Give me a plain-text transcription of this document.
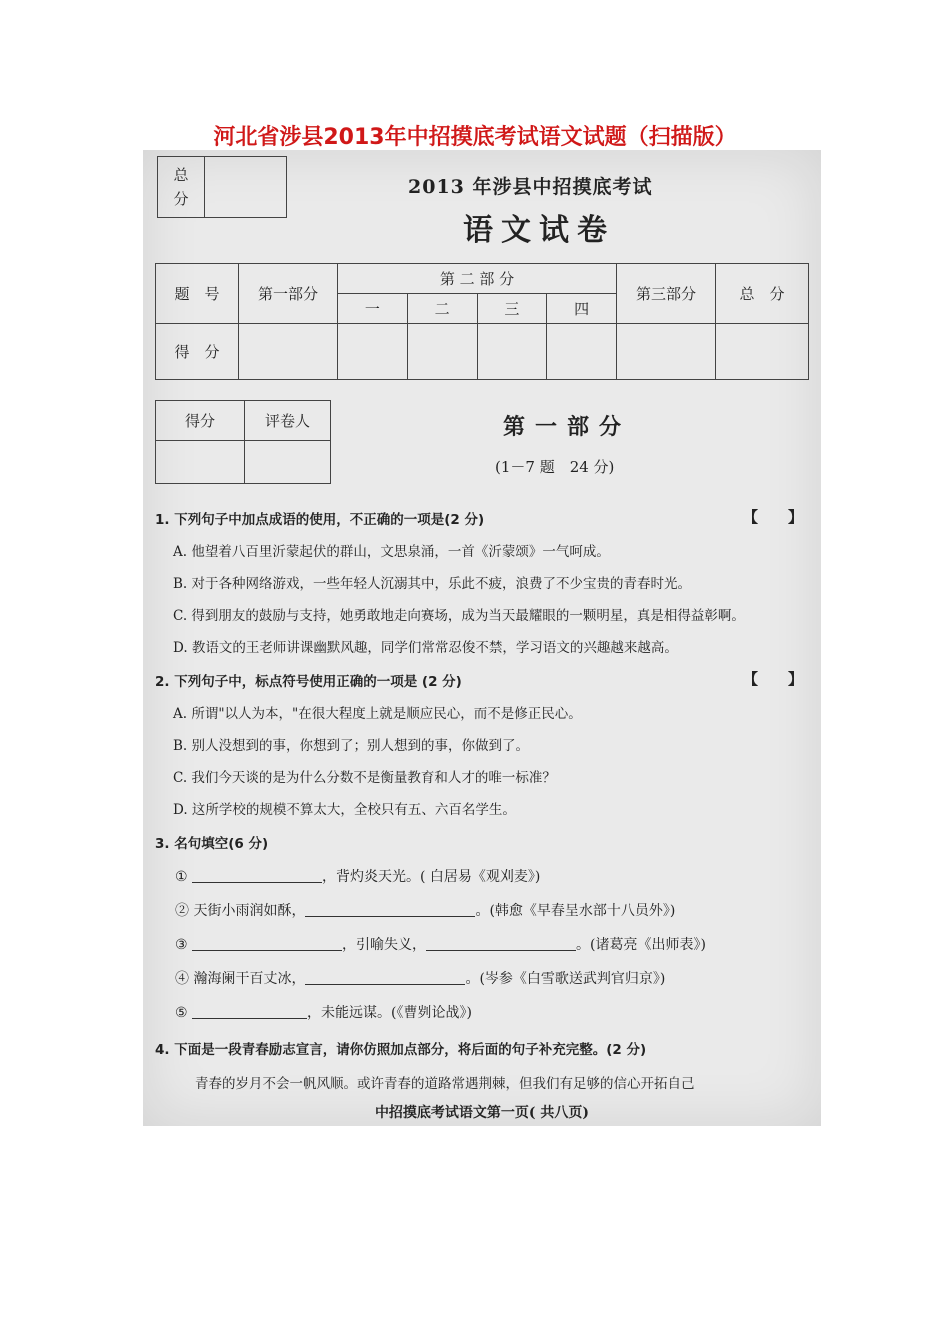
河北省涉县2013年中招摸底考试语文试题（扫描版）
总
分	
2013 年涉县中招摸底考试
语文试卷
题　号	第一部分	第 二 部 分				第三部分	总　分
		一	二	三	四		
得　分							
得分	评卷人
		第一部分
(1－7 题　24 分)
1. 下列句子中加点成语的使用，不正确的一项是(2 分)	【　　】
A. 他望着八百里沂蒙起伏的群山，文思泉涌，一首《沂蒙颂》一气呵成。
B. 对于各种网络游戏，一些年轻人沉溺其中，乐此不疲，浪费了不少宝贵的青春时光。
C. 得到朋友的鼓励与支持，她勇敢地走向赛场，成为当天最耀眼的一颗明星，真是相得益彰啊。
D. 教语文的王老师讲课幽默风趣，同学们常常忍俊不禁，学习语文的兴趣越来越高。
2. 下列句子中，标点符号使用正确的一项是 (2 分)	【　　】
A. 所谓"以人为本，"在很大程度上就是顺应民心，而不是修正民心。
B. 别人没想到的事，你想到了；别人想到的事，你做到了。
C. 我们今天谈的是为什么分数不是衡量教育和人才的唯一标准？
D. 这所学校的规模不算太大，全校只有五、六百名学生。
3. 名句填空(6 分)
①	，背灼炎天光。( 白居易《观刈麦》)
② 天街小雨润如酥，	。(韩愈《早春呈水部十八员外》)
③	，引喻失义，	。(诸葛亮《出师表》)
④ 瀚海阑干百丈冰，	。(岑参《白雪歌送武判官归京》)
⑤	，未能远谋。(《曹刿论战》)
4. 下面是一段青春励志宣言，请你仿照加点部分，将后面的句子补充完整。(2 分)
青春的岁月不会一帆风顺。或许青春的道路常遇荆棘，但我们有足够的信心开拓自己
中招摸底考试语文第一页( 共八页)
